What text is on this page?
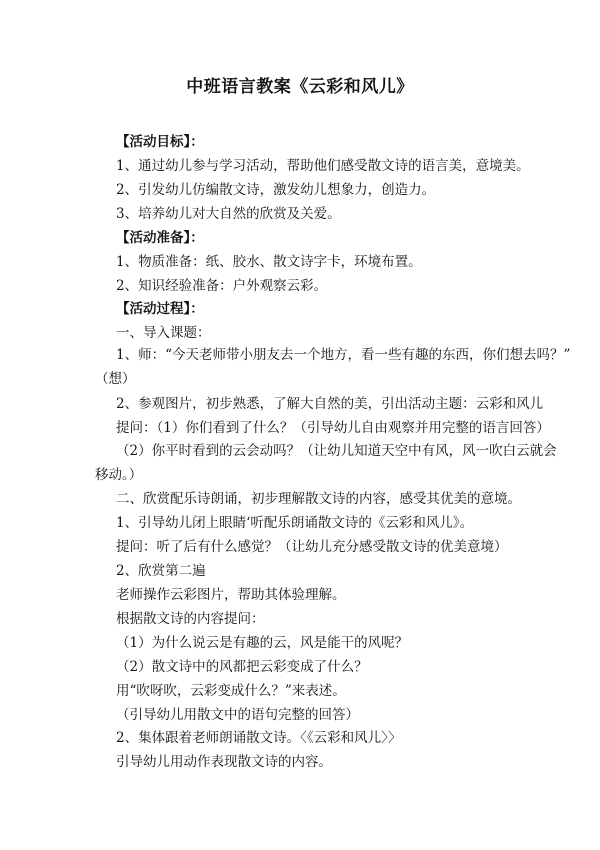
中班语言教案《云彩和风儿》
【活动目标】：
1、通过幼儿参与学习活动，帮助他们感受散文诗的语言美，意境美。
2、引发幼儿仿编散文诗，激发幼儿想象力，创造力。
3、培养幼儿对大自然的欣赏及关爱。
【活动准备】：
1、物质准备：纸、胶水、散文诗字卡，环境布置。
2、知识经验准备：户外观察云彩。
【活动过程】：
一、导入课题：
1、师：“今天老师带小朋友去一个地方，看一些有趣的东西，你们想去吗？”
（想）
2、参观图片，初步熟悉，了解大自然的美，引出活动主题：云彩和风儿
提问：（1）你们看到了什么？（引导幼儿自由观察并用完整的语言回答）
（2）你平时看到的云会动吗？（让幼儿知道天空中有风，风一吹白云就会
移动。）
二、欣赏配乐诗朗诵，初步理解散文诗的内容，感受其优美的意境。
1、引导幼儿闭上眼睛‘听配乐朗诵散文诗的《云彩和风儿》。
提问：听了后有什么感觉？（让幼儿充分感受散文诗的优美意境）
2、欣赏第二遍
老师操作云彩图片，帮助其体验理解。
根据散文诗的内容提问：
（1）为什么说云是有趣的云，风是能干的风呢？
（2）散文诗中的风都把云彩变成了什么？
用“吹呀吹，云彩变成什么？”来表述。
（引导幼儿用散文中的语句完整的回答）
2、集体跟着老师朗诵散文诗。〈《云彩和风儿〉〉
引导幼儿用动作表现散文诗的内容。
